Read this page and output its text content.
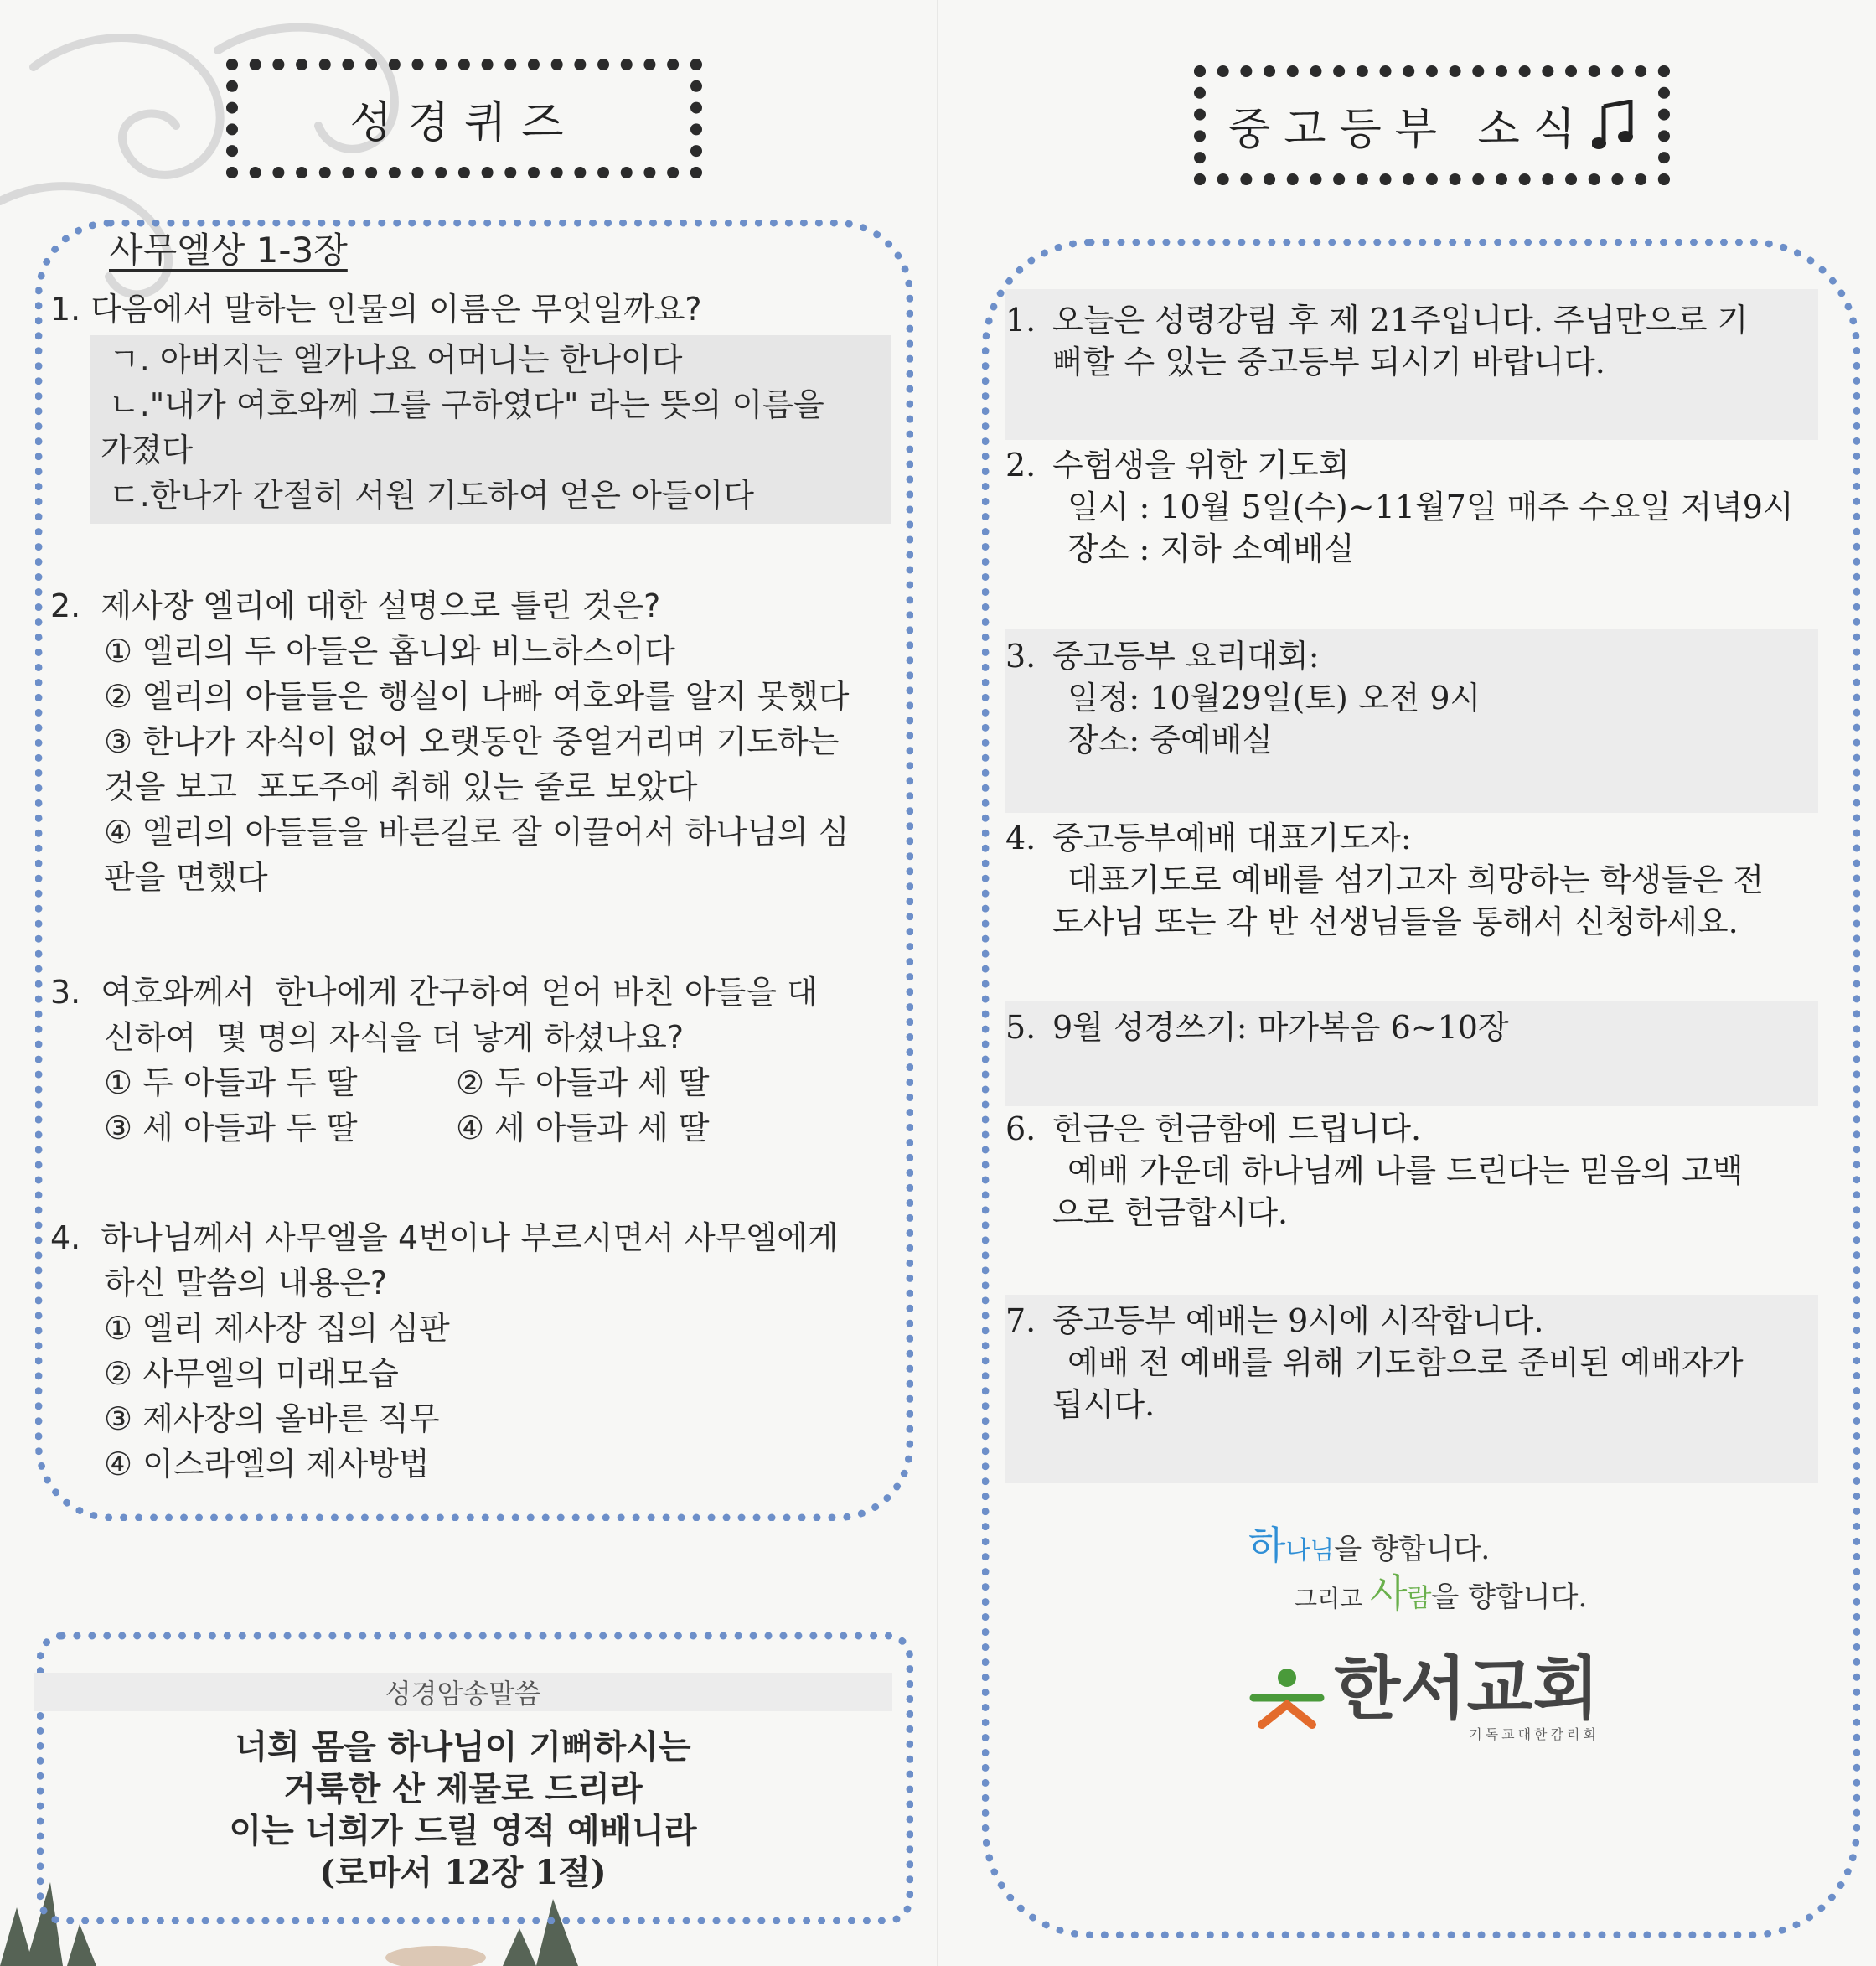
성경퀴즈	중고등부 소식
사무엘상 1-3장
1. 다음에서 말하는 인물의 이름은 무엇일까요?
ㄱ. 아버지는 엘가나요 어머니는 한나이다
ㄴ."내가 여호와께 그를 구하였다" 라는 뜻의 이름을
가졌다
ㄷ.한나가 간절히 서원 기도하여 얻은 아들이다
2.  제사장 엘리에 대한 설명으로 틀린 것은?
① 엘리의 두 아들은 홉니와 비느하스이다
② 엘리의 아들들은 행실이 나빠 여호와를 알지 못했다
③ 한나가 자식이 없어 오랫동안 중얼거리며 기도하는
것을 보고  포도주에 취해 있는 줄로 보았다
④ 엘리의 아들들을 바른길로 잘 이끌어서 하나님의 심
판을 면했다
3.  여호와께서  한나에게 간구하여 얻어 바친 아들을 대
신하여  몇 명의 자식을 더 낳게 하셨나요?
① 두 아들과 두 딸	② 두 아들과 세 딸
③ 세 아들과 두 딸	④ 세 아들과 세 딸
4.  하나님께서 사무엘을 4번이나 부르시면서 사무엘에게
하신 말씀의 내용은?
① 엘리 제사장 집의 심판
② 사무엘의 미래모습
③ 제사장의 올바른 직무
④ 이스라엘의 제사방법
성경암송말씀
너희 몸을 하나님이 기뻐하시는
거룩한 산 제물로 드리라
이는 너희가 드릴 영적 예배니라
(로마서 12장 1절)
1. 오늘은 성령강림 후 제 21주입니다. 주님만으로 기
뻐할 수 있는 중고등부 되시기 바랍니다.
2. 수험생을 위한 기도회
일시 : 10월 5일(수)~11월7일 매주 수요일 저녁9시
장소 : 지하 소예배실
3. 중고등부 요리대회:
일정: 10월29일(토) 오전 9시
장소: 중예배실
4. 중고등부예배 대표기도자:
대표기도로 예배를 섬기고자 희망하는 학생들은 전
도사님 또는 각 반 선생님들을 통해서 신청하세요.
5. 9월 성경쓰기: 마가복음 6~10장
6. 헌금은 헌금함에 드립니다.
예배 가운데 하나님께 나를 드린다는 믿음의 고백
으로 헌금합시다.
7. 중고등부 예배는 9시에 시작합니다.
예배 전 예배를 위해 기도함으로 준비된 예배자가
됩시다.
하나님을 향합니다.
그리고 사람을 향합니다.
한서교회
기독교대한감리회
